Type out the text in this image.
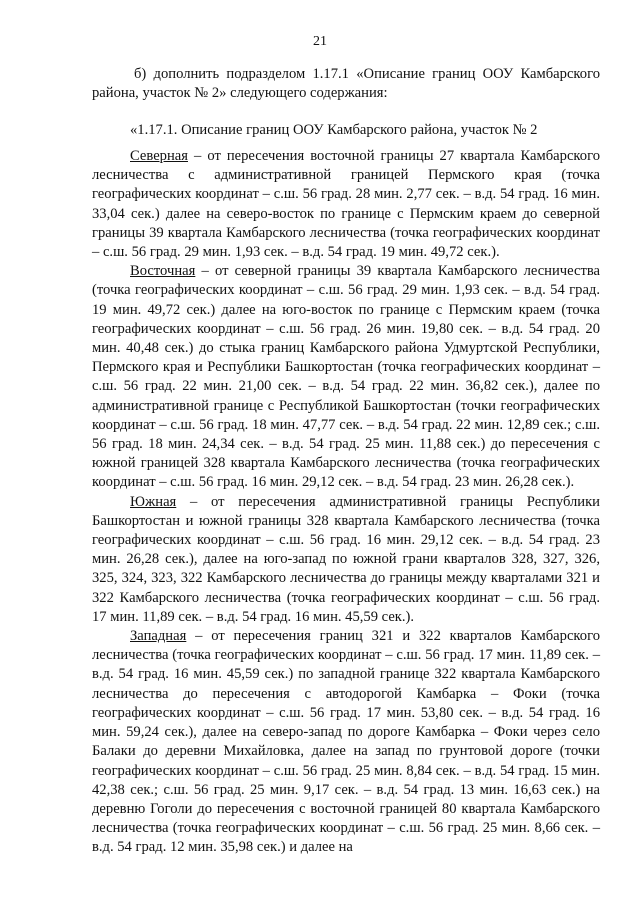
21
б) дополнить подразделом 1.17.1 «Описание границ ООУ Камбарского района, участок № 2» следующего содержания:
«1.17.1. Описание границ ООУ Камбарского района, участок № 2

Северная – от пересечения восточной границы 27 квартала Камбарского лесничества с административной границей Пермского края (точка географических координат – с.ш. 56 град. 28 мин. 2,77 сек. – в.д. 54 град. 16 мин. 33,04 сек.) далее на северо-восток по границе с Пермским краем до северной границы 39 квартала Камбарского лесничества (точка географических координат – с.ш. 56 град. 29 мин. 1,93 сек. – в.д. 54 град. 19 мин. 49,72 сек.).

Восточная – от северной границы 39 квартала Камбарского лесничества (точка географических координат – с.ш. 56 град. 29 мин. 1,93 сек. – в.д. 54 град. 19 мин. 49,72 сек.) далее на юго-восток по границе с Пермским краем (точка географических координат – с.ш. 56 град. 26 мин. 19,80 сек. – в.д. 54 град. 20 мин. 40,48 сек.) до стыка границ Камбарского района Удмуртской Республики, Пермского края и Республики Башкортостан (точка географических координат – с.ш. 56 град. 22 мин. 21,00 сек. – в.д. 54 град. 22 мин. 36,82 сек.), далее по административной границе с Республикой Башкортостан (точки географических координат – с.ш. 56 град. 18 мин. 47,77 сек. – в.д. 54 град. 22 мин. 12,89 сек.; с.ш. 56 град. 18 мин. 24,34 сек. – в.д. 54 град. 25 мин. 11,88 сек.) до пересечения с южной границей 328 квартала Камбарского лесничества (точка географических координат – с.ш. 56 град. 16 мин. 29,12 сек. – в.д. 54 град. 23 мин. 26,28 сек.).

Южная – от пересечения административной границы Республики Башкортостан и южной границы 328 квартала Камбарского лесничества (точка географических координат – с.ш. 56 град. 16 мин. 29,12 сек. – в.д. 54 град. 23 мин. 26,28 сек.), далее на юго-запад по южной грани кварталов 328, 327, 326, 325, 324, 323, 322 Камбарского лесничества до границы между кварталами 321 и 322 Камбарского лесничества (точка географических координат – с.ш. 56 град. 17 мин. 11,89 сек. – в.д. 54 град. 16 мин. 45,59 сек.).

Западная – от пересечения границ 321 и 322 кварталов Камбарского лесничества (точка географических координат – с.ш. 56 град. 17 мин. 11,89 сек. – в.д. 54 град. 16 мин. 45,59 сек.) по западной границе 322 квартала Камбарского лесничества до пересечения с автодорогой Камбарка – Фоки (точка географических координат – с.ш. 56 град. 17 мин. 53,80 сек. – в.д. 54 град. 16 мин. 59,24 сек.), далее на северо-запад по дороге Камбарка – Фоки через село Балаки до деревни Михайловка, далее на запад по грунтовой дороге (точки географических координат – с.ш. 56 град. 25 мин. 8,84 сек. – в.д. 54 град. 15 мин. 42,38 сек.; с.ш. 56 град. 25 мин. 9,17 сек. – в.д. 54 град. 13 мин. 16,63 сек.) на деревню Гоголи до пересечения с восточной границей 80 квартала Камбарского лесничества (точка географических координат – с.ш. 56 град. 25 мин. 8,66 сек. – в.д. 54 град. 12 мин. 35,98 сек.) и далее на
